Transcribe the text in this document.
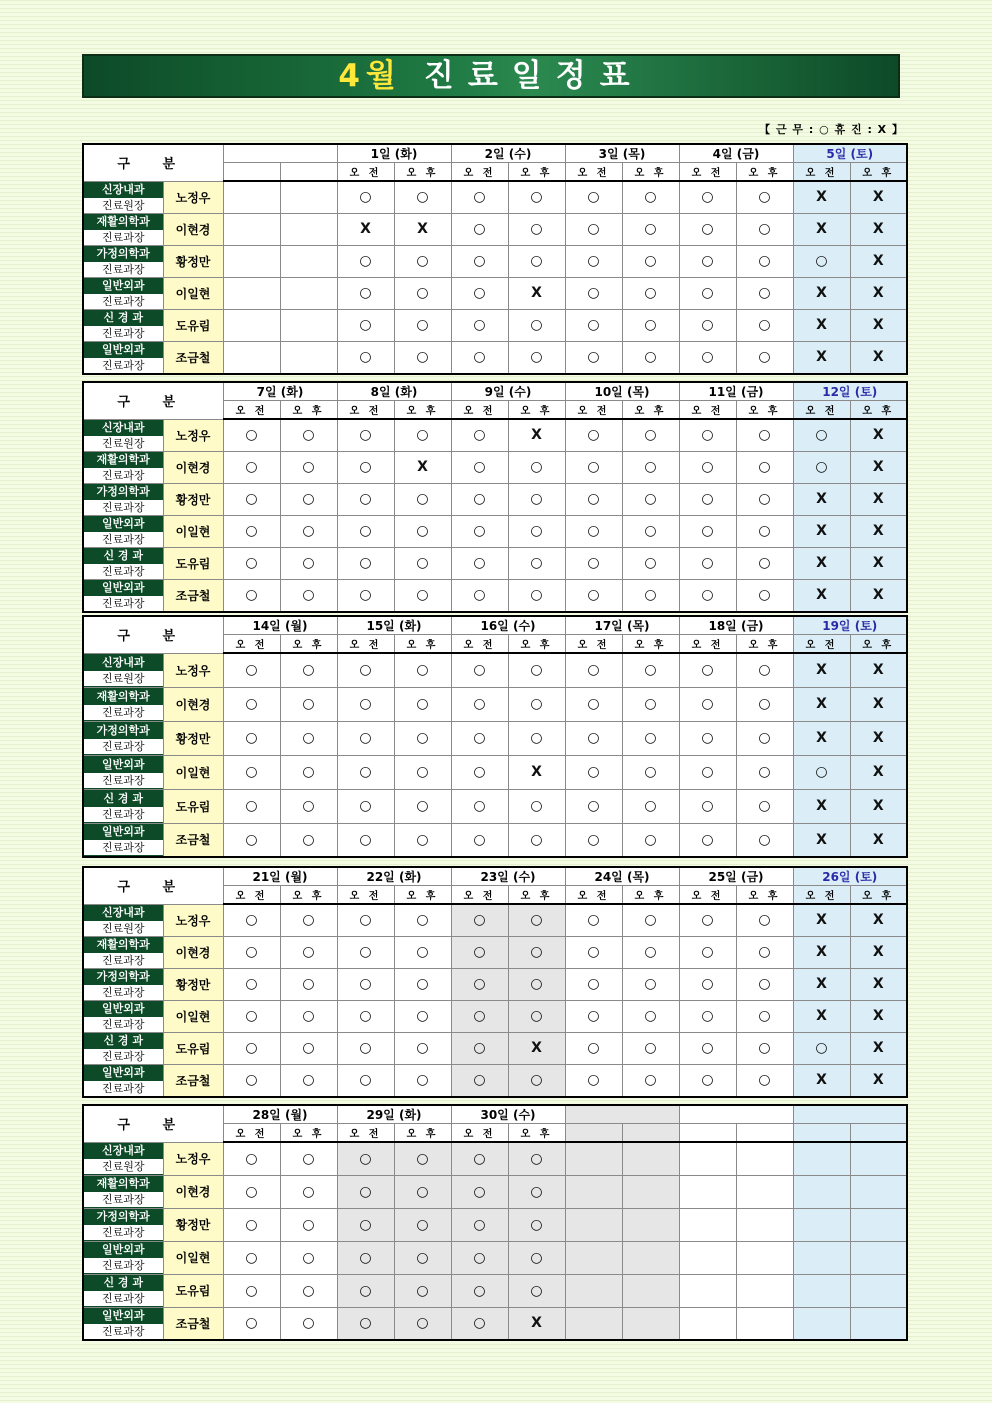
4월 진료일정표
【 근 무 : ○ 휴 진 : X 】
구 분				1일 (화)		2일 (수)		3일 (목)		4일 (금)		5일 (토)	
				오 전	오 후	오 전	오 후	오 전	오 후	오 전	오 후	오 전	오 후

신장내과
진료원장	노정우			○	○	○	○	○	○	○	○	X	X

재활의학과
진료과장	이현경			X	X	○	○	○	○	○	○	X	X

가정의학과
진료과장	황정만			○	○	○	○	○	○	○	○	○	X

일반외과
진료과장	이일현			○	○	○	X	○	○	○	○	X	X

신 경 과
진료과장	도유림			○	○	○	○	○	○	○	○	X	X

일반외과
진료과장	조금철			○	○	○	○	○	○	○	○	X	X
구 분		7일 (화)		8일 (화)		9일 (수)		10일 (목)		11일 (금)		12일 (토)	
		오 전	오 후	오 전	오 후	오 전	오 후	오 전	오 후	오 전	오 후	오 전	오 후

신장내과
진료원장	노정우	○	○	○	○	○	X	○	○	○	○	○	X

재활의학과
진료과장	이현경	○	○	○	X	○	○	○	○	○	○	○	X

가정의학과
진료과장	황정만	○	○	○	○	○	○	○	○	○	○	X	X

일반외과
진료과장	이일현	○	○	○	○	○	○	○	○	○	○	X	X

신 경 과
진료과장	도유림	○	○	○	○	○	○	○	○	○	○	X	X

일반외과
진료과장	조금철	○	○	○	○	○	○	○	○	○	○	X	X
구 분		14일 (월)		15일 (화)		16일 (수)		17일 (목)		18일 (금)		19일 (토)	
		오 전	오 후	오 전	오 후	오 전	오 후	오 전	오 후	오 전	오 후	오 전	오 후

신장내과
진료원장	노정우	○	○	○	○	○	○	○	○	○	○	X	X

재활의학과
진료과장	이현경	○	○	○	○	○	○	○	○	○	○	X	X

가정의학과
진료과장	황정만	○	○	○	○	○	○	○	○	○	○	X	X

일반외과
진료과장	이일현	○	○	○	○	○	X	○	○	○	○	○	X

신 경 과
진료과장	도유림	○	○	○	○	○	○	○	○	○	○	X	X

일반외과
진료과장	조금철	○	○	○	○	○	○	○	○	○	○	X	X
구 분		21일 (월)		22일 (화)		23일 (수)		24일 (목)		25일 (금)		26일 (토)	
		오 전	오 후	오 전	오 후	오 전	오 후	오 전	오 후	오 전	오 후	오 전	오 후

신장내과
진료원장	노정우	○	○	○	○	○	○	○	○	○	○	X	X

재활의학과
진료과장	이현경	○	○	○	○	○	○	○	○	○	○	X	X

가정의학과
진료과장	황정만	○	○	○	○	○	○	○	○	○	○	X	X

일반외과
진료과장	이일현	○	○	○	○	○	○	○	○	○	○	X	X

신 경 과
진료과장	도유림	○	○	○	○	○	X	○	○	○	○	○	X

일반외과
진료과장	조금철	○	○	○	○	○	○	○	○	○	○	X	X
구 분		28일 (월)		29일 (화)		30일 (수)							
		오 전	오 후	오 전	오 후	오 전	오 후						

신장내과
진료원장	노정우	○	○	○	○	○	○						

재활의학과
진료과장	이현경	○	○	○	○	○	○						

가정의학과
진료과장	황정만	○	○	○	○	○	○						

일반외과
진료과장	이일현	○	○	○	○	○	○						

신 경 과
진료과장	도유림	○	○	○	○	○	○						

일반외과
진료과장	조금철	○	○	○	○	○	X						
